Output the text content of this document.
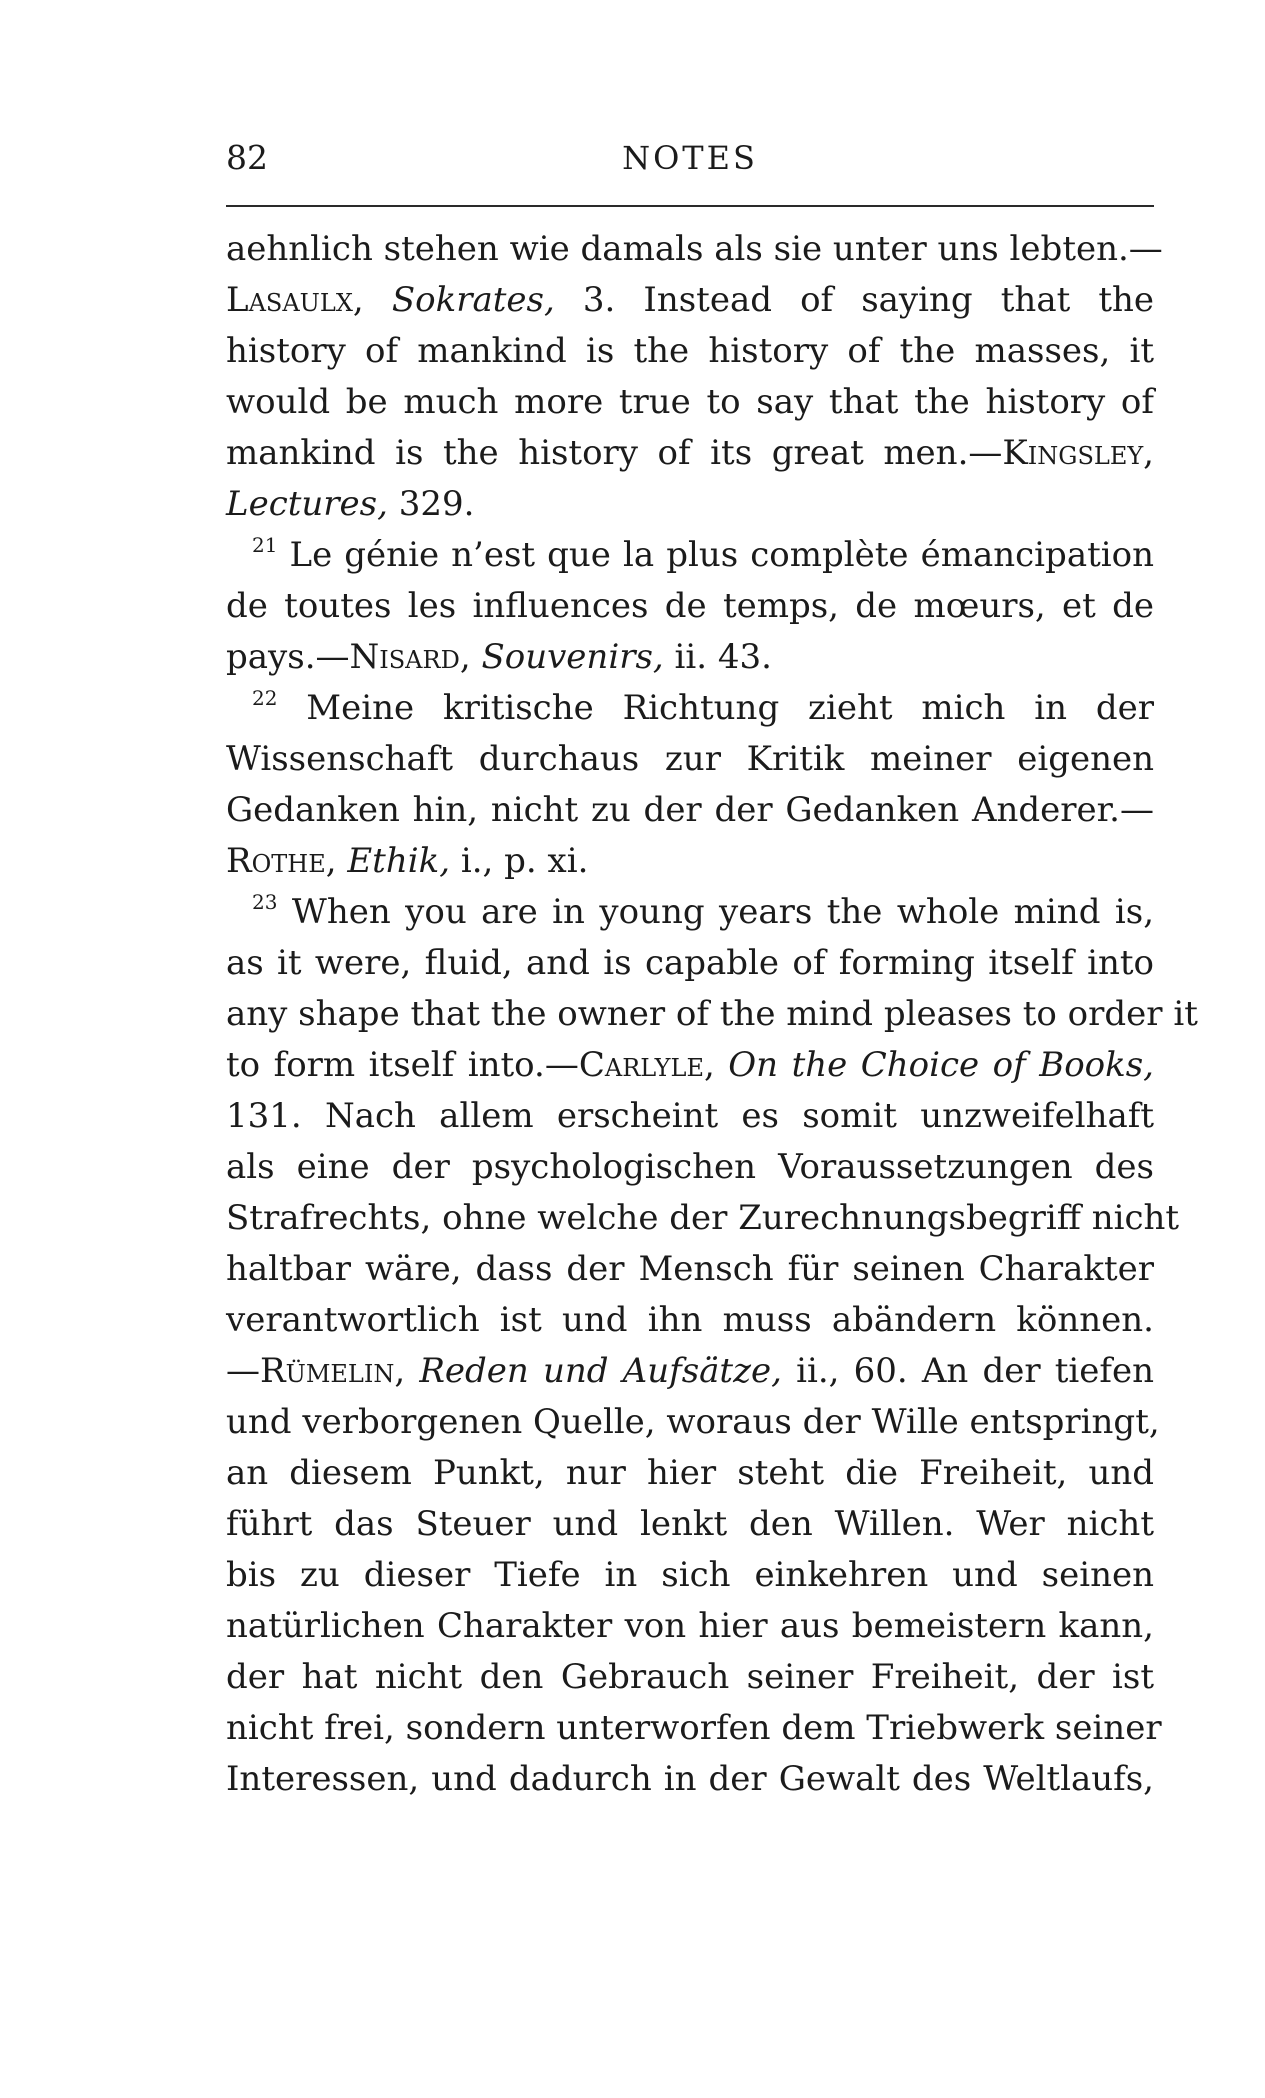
82	NOTES
aehnlich stehen wie damals als sie unter uns lebten.—
Lasaulx, Sokrates, 3. Instead of saying that the
history of mankind is the history of the masses, it
would be much more true to say that the history of
mankind is the history of its great men.—Kingsley,
Lectures, 329.
$^{21}$ Le génie n’est que la plus complète émancipation
de toutes les influences de temps, de mœurs, et de
pays.—Nisard, Souvenirs, ii. 43.
$^{22}$ Meine kritische Richtung zieht mich in der
Wissenschaft durchaus zur Kritik meiner eigenen
Gedanken hin, nicht zu der der Gedanken Anderer.—
Rothe, Ethik, i., p. xi.
$^{23}$ When you are in young years the whole mind is,
as it were, fluid, and is capable of forming itself into
any shape that the owner of the mind pleases to order it
to form itself into.—Carlyle, On the Choice of Books,
131. Nach allem erscheint es somit unzweifelhaft
als eine der psychologischen Voraussetzungen des
Strafrechts, ohne welche der Zurechnungsbegriff nicht
haltbar wäre, dass der Mensch für seinen Charakter
verantwortlich ist und ihn muss abändern können.
—Rümelin, Reden und Aufsätze, ii., 60. An der tiefen
und verborgenen Quelle, woraus der Wille entspringt,
an diesem Punkt, nur hier steht die Freiheit, und
führt das Steuer und lenkt den Willen. Wer nicht
bis zu dieser Tiefe in sich einkehren und seinen
natürlichen Charakter von hier aus bemeistern kann,
der hat nicht den Gebrauch seiner Freiheit, der ist
nicht frei, sondern unterworfen dem Triebwerk seiner
Interessen, und dadurch in der Gewalt des Weltlaufs,
